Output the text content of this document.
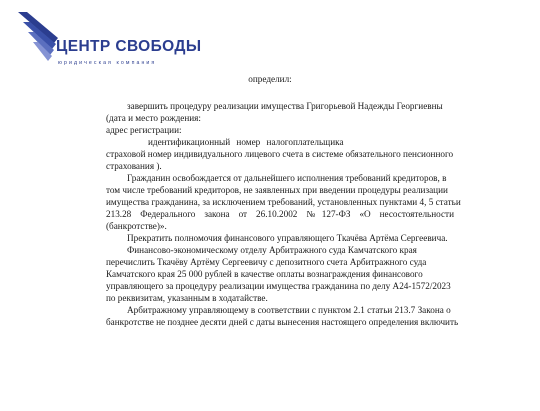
ЦЕНТР СВОБОДЫ
юридическая компания
определил:
завершить процедуру реализации имущества Григорьевой Надежды Георгиевны
(дата и место рождения:
адрес регистрации:
идентификационный номер налогоплательщика
страховой номер индивидуального лицевого счета в системе обязательного пенсионного
страхования ).
Гражданин освобождается от дальнейшего исполнения требований кредиторов, в
том числе требований кредиторов, не заявленных при введении процедуры реализации
имущества гражданина, за исключением требований, установленных пунктами 4, 5 статьи
213.28 Федерального закона от 26.10.2002 №127-ФЗ «О несостоятельности
(банкротстве)».
Прекратить полномочия финансового управляющего Ткачёва Артёма Сергеевича.
Финансово-экономическому отделу Арбитражного суда Камчатского края
перечислить Ткачёву Артёму Сергеевичу с депозитного счета Арбитражного суда
Камчатского края 25 000 рублей в качестве оплаты вознаграждения финансового
управляющего за процедуру реализации имущества гражданина по делу А24-1572/2023
по реквизитам, указанным в ходатайстве.
Арбитражному управляющему в соответствии с пунктом 2.1 статьи 213.7 Закона о
банкротстве не позднее десяти дней с даты вынесения настоящего определения включить
